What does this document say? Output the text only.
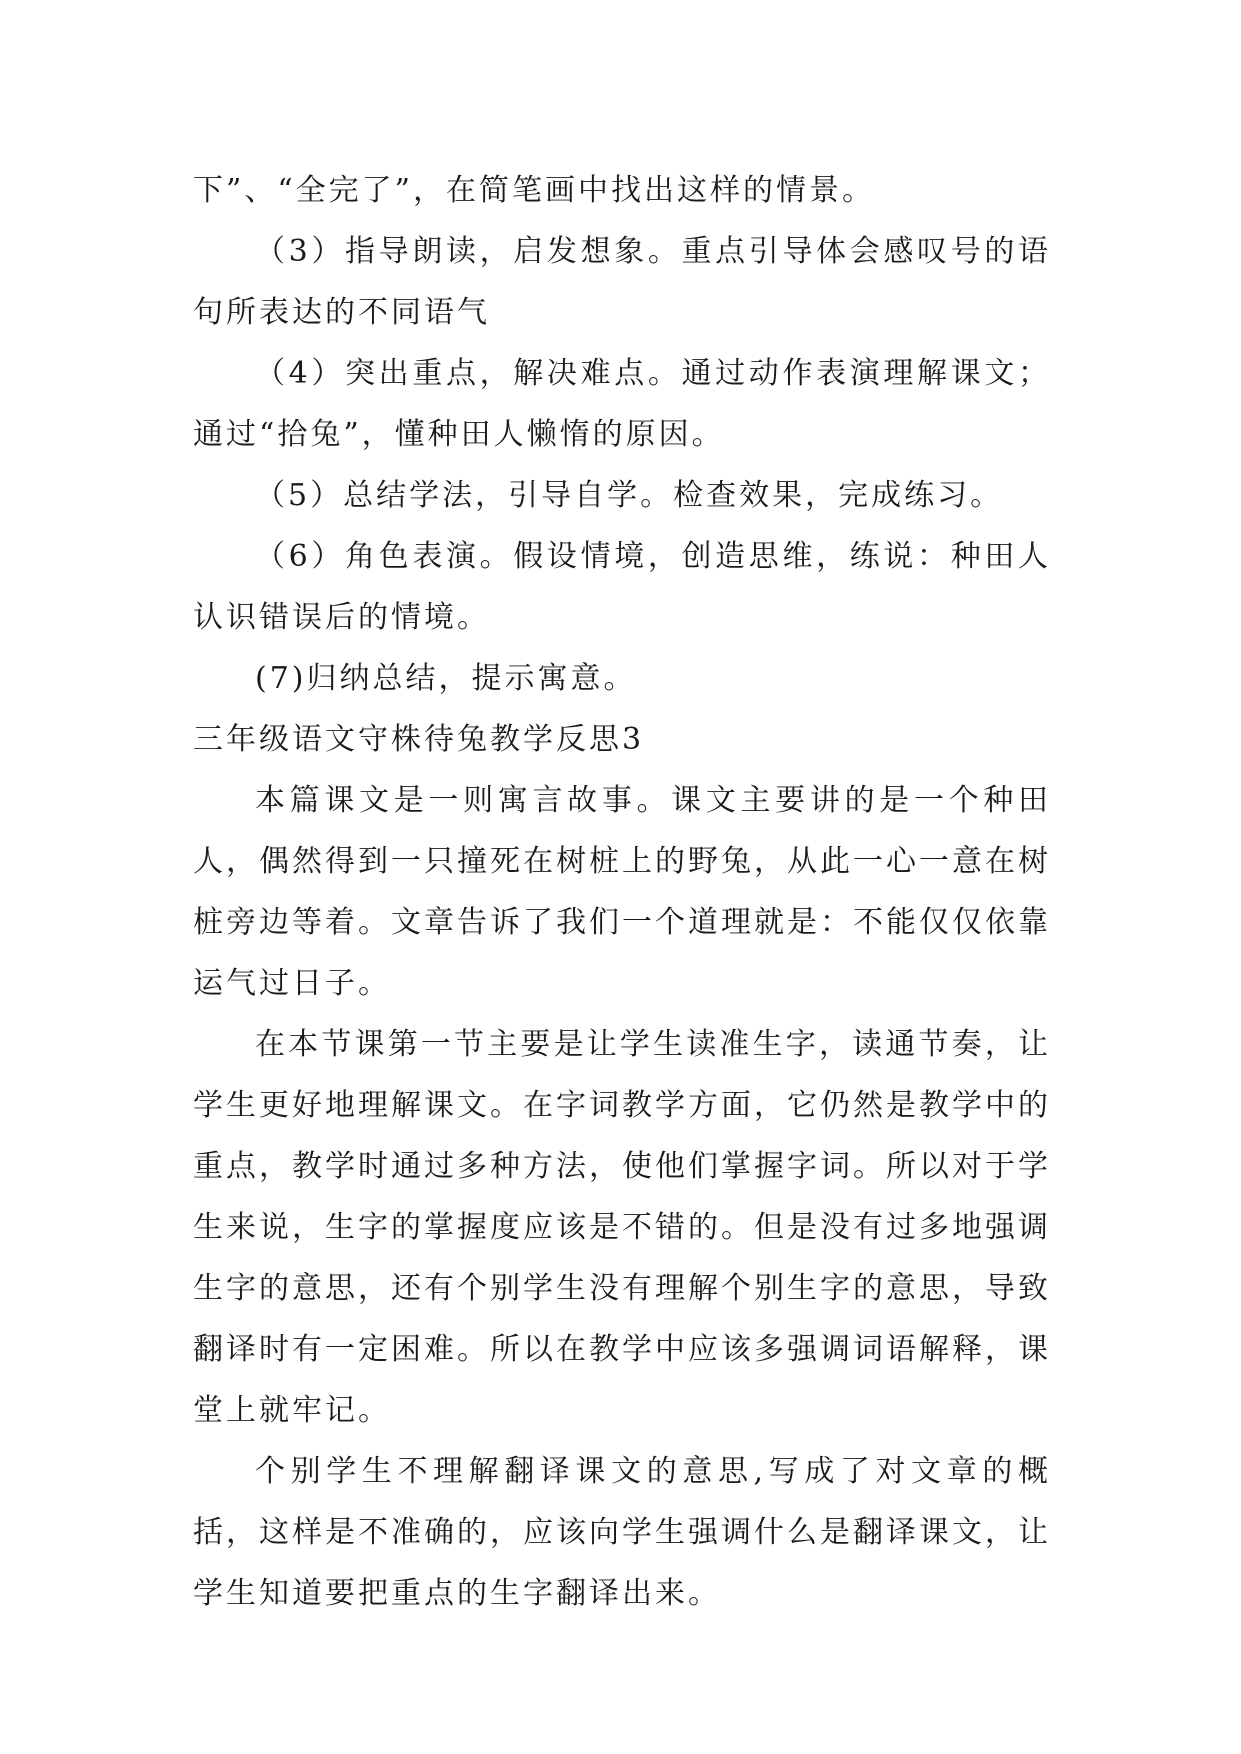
下”、“全完了”，在简笔画中找出这样的情景。

（3）指导朗读，启发想象。重点引导体会感叹号的语句所表达的不同语气

（4）突出重点，解决难点。通过动作表演理解课文；通过“拾兔”，懂种田人懒惰的原因。

（5）总结学法，引导自学。检查效果，完成练习。

（6）角色表演。假设情境，创造思维，练说：种田人认识错误后的情境。

(7)归纳总结，提示寓意。

三年级语文守株待兔教学反思3

本篇课文是一则寓言故事。课文主要讲的是一个种田人，偶然得到一只撞死在树桩上的野兔，从此一心一意在树桩旁边等着。文章告诉了我们一个道理就是：不能仅仅依靠运气过日子。

在本节课第一节主要是让学生读准生字，读通节奏，让学生更好地理解课文。在字词教学方面，它仍然是教学中的重点，教学时通过多种方法，使他们掌握字词。所以对于学生来说，生字的掌握度应该是不错的。但是没有过多地强调生字的意思，还有个别学生没有理解个别生字的意思，导致翻译时有一定困难。所以在教学中应该多强调词语解释，课堂上就牢记。

个别学生不理解翻译课文的意思,写成了对文章的概括，这样是不准确的，应该向学生强调什么是翻译课文，让学生知道要把重点的生字翻译出来。
